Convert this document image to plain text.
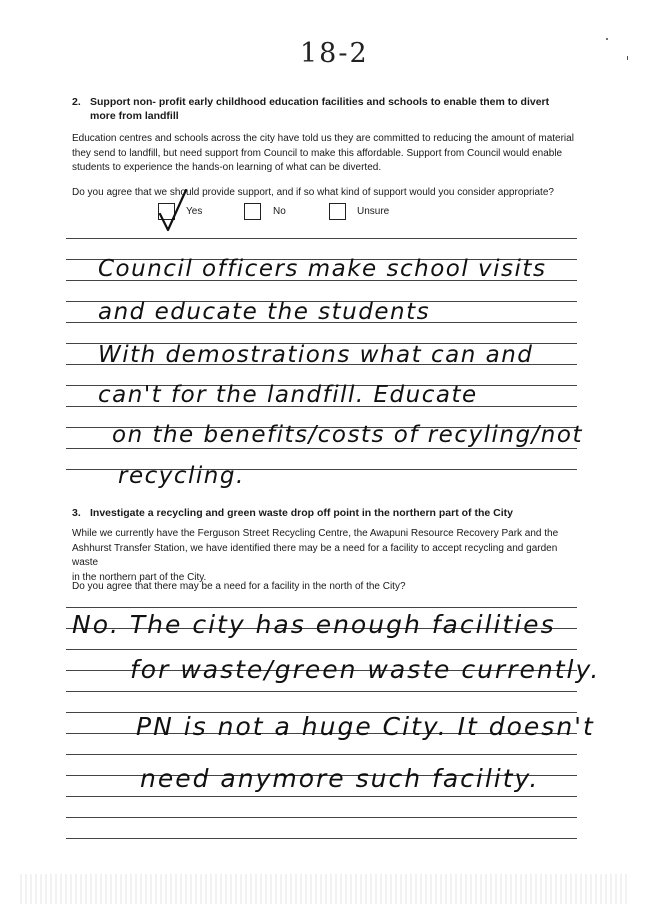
18-2
2. Support non- profit early childhood education facilities and schools to enable them to divert more from landfill
Education centres and schools across the city have told us they are committed to reducing the amount of material
they send to landfill, but need support from Council to make this affordable. Support from Council would enable
students to experience the hands-on learning of what can be diverted.
Do you agree that we should provide support, and if so what kind of support would you consider appropriate?
Yes	No	Unsure
Council officers make school visits
and educate the students
With demostrations what can and
can't for the landfill. Educate
on the benefits/costs of recyling/not
recycling.
3. Investigate a recycling and green waste drop off point in the northern part of the City
While we currently have the Ferguson Street Recycling Centre, the Awapuni Resource Recovery Park and the
Ashhurst Transfer Station, we have identified there may be a need for a facility to accept recycling and garden waste
in the northern part of the City.
Do you agree that there may be a need for a facility in the north of the City?
No. The city has enough facilities
for waste/green waste currently.
PN is not a huge City. It doesn't
need anymore such facility.
